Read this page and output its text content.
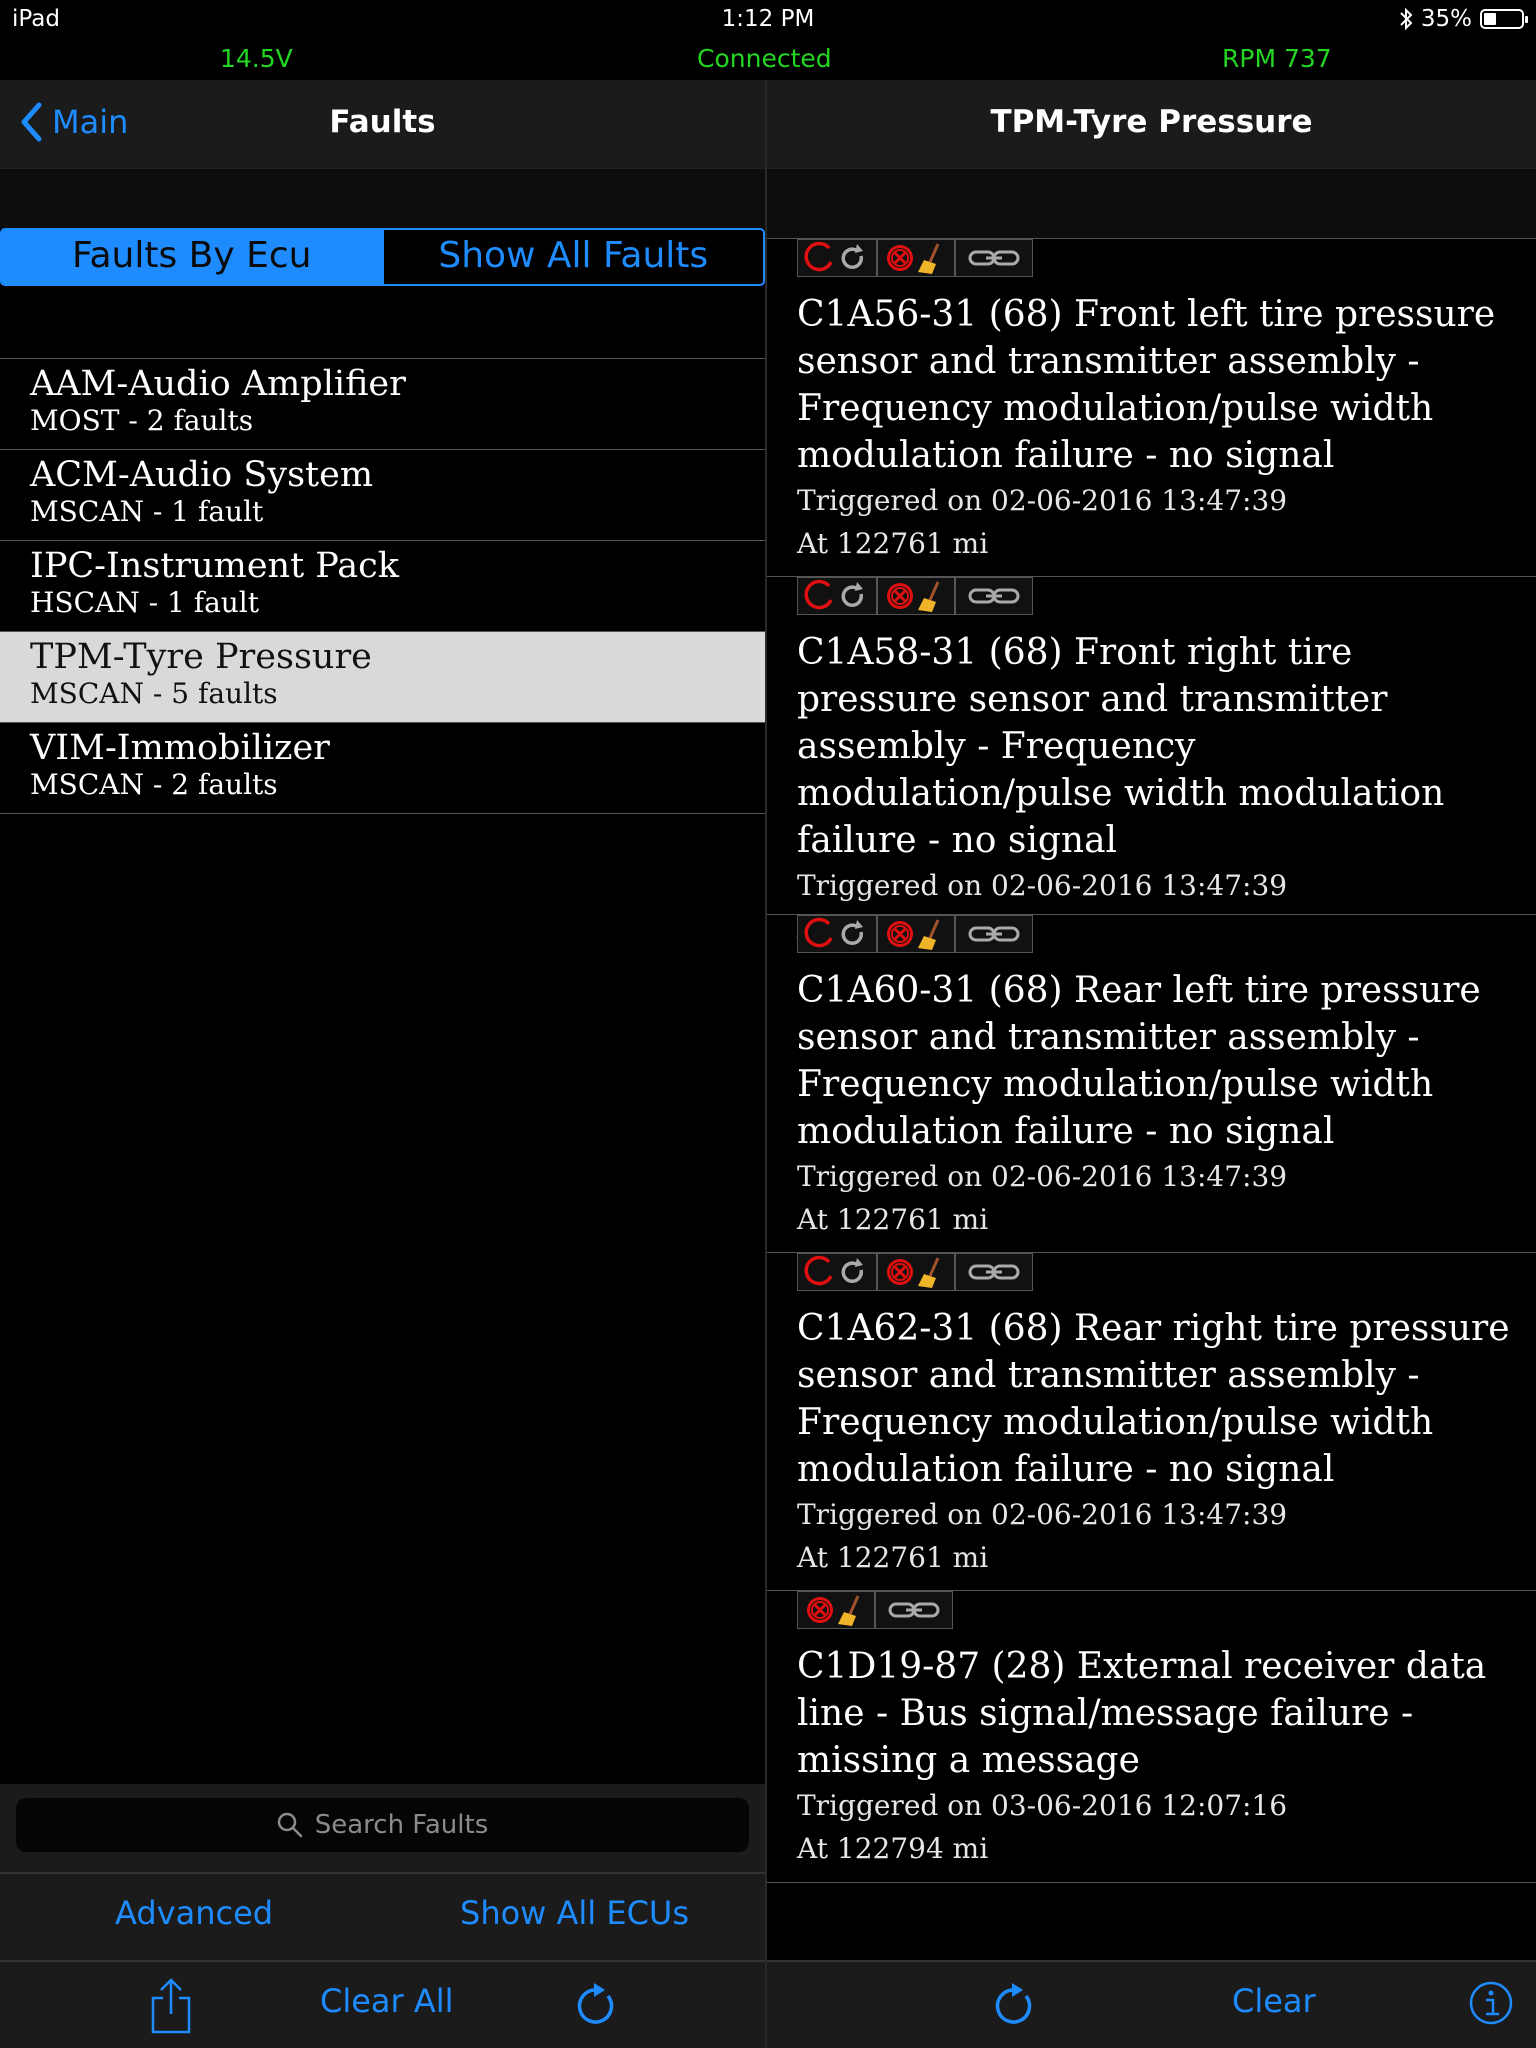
iPad	1:12 PM	35%
14.5V	Connected	RPM 737
Main	Faults
Faults By Ecu	Show All Faults
AAM-Audio Amplifier
MOST - 2 faults
ACM-Audio System
MSCAN - 1 fault
IPC-Instrument Pack
HSCAN - 1 fault
TPM-Tyre Pressure
MSCAN - 5 faults
VIM-Immobilizer
MSCAN - 2 faults
Search Faults
Advanced	Show All ECUs
Clear All
TPM-Tyre Pressure
C1A56-31 (68) Front left tire pressure sensor and transmitter assembly - Frequency modulation/pulse width modulation failure - no signal
Triggered on 02-06-2016 13:47:39
At 122761 mi
C1A58-31 (68) Front right tire pressure sensor and transmitter assembly - Frequency modulation/pulse width modulation failure - no signal
Triggered on 02-06-2016 13:47:39
C1A60-31 (68) Rear left tire pressure sensor and transmitter assembly - Frequency modulation/pulse width modulation failure - no signal
Triggered on 02-06-2016 13:47:39
At 122761 mi
C1A62-31 (68) Rear right tire pressure sensor and transmitter assembly - Frequency modulation/pulse width modulation failure - no signal
Triggered on 02-06-2016 13:47:39
At 122761 mi
C1D19-87 (28) External receiver data line - Bus signal/message failure - missing a message
Triggered on 03-06-2016 12:07:16
At 122794 mi
Clear
